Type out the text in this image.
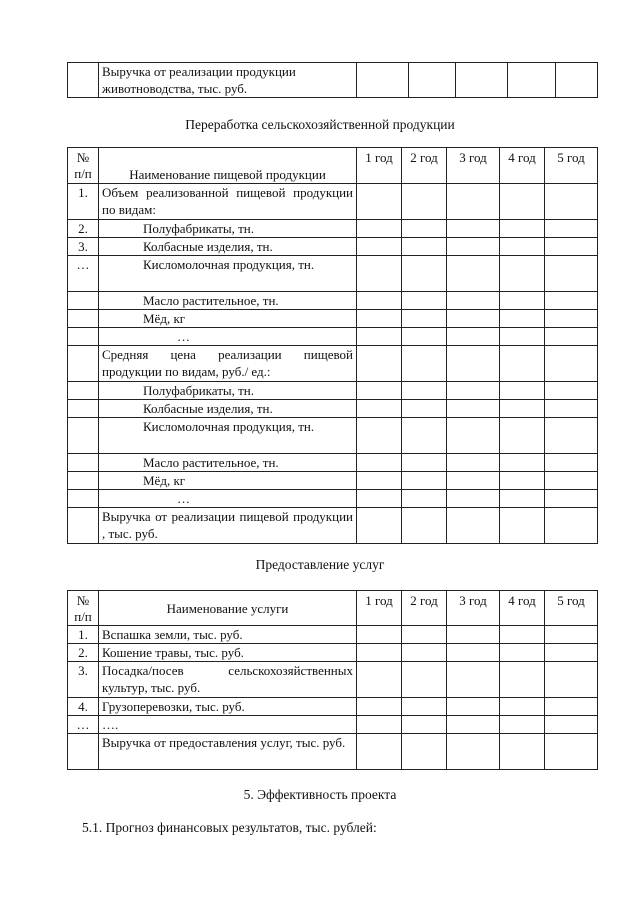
	Выручка от реализации продукции животноводства, тыс. руб.					
Переработка сельскохозяйственной продукции
№ п/п	Наименование пищевой продукции	1 год	2 год	3 год	4 год	5 год
1.	Объем реализованной пищевой продукции по видам:					
2.	Полуфабрикаты, тн.					
3.	Колбасные изделия, тн.					
…	Кисломолочная продукция, тн.					
	Масло растительное, тн.					
	Мёд, кг					
	…					
	Средняя цена реализации пищевой продукции по видам, руб./ ед.:					
	Полуфабрикаты, тн.					
	Колбасные изделия, тн.					
	Кисломолочная продукция, тн.					
	Масло растительное, тн.					
	Мёд, кг					
	…					
	Выручка от реализации пищевой продукции , тыс. руб.					
Предоставление услуг
№ п/п	Наименование услуги	1 год	2 год	3 год	4 год	5 год
1.	Вспашка земли, тыс. руб.					
2.	Кошение травы, тыс. руб.					
3.	Посадка/посев сельскохозяйственных культур, тыс. руб.					
4.	Грузоперевозки, тыс. руб.					
…	….					
	Выручка от предоставления услуг, тыс. руб.					
5. Эффективность проекта

5.1. Прогноз финансовых результатов, тыс. рублей:
